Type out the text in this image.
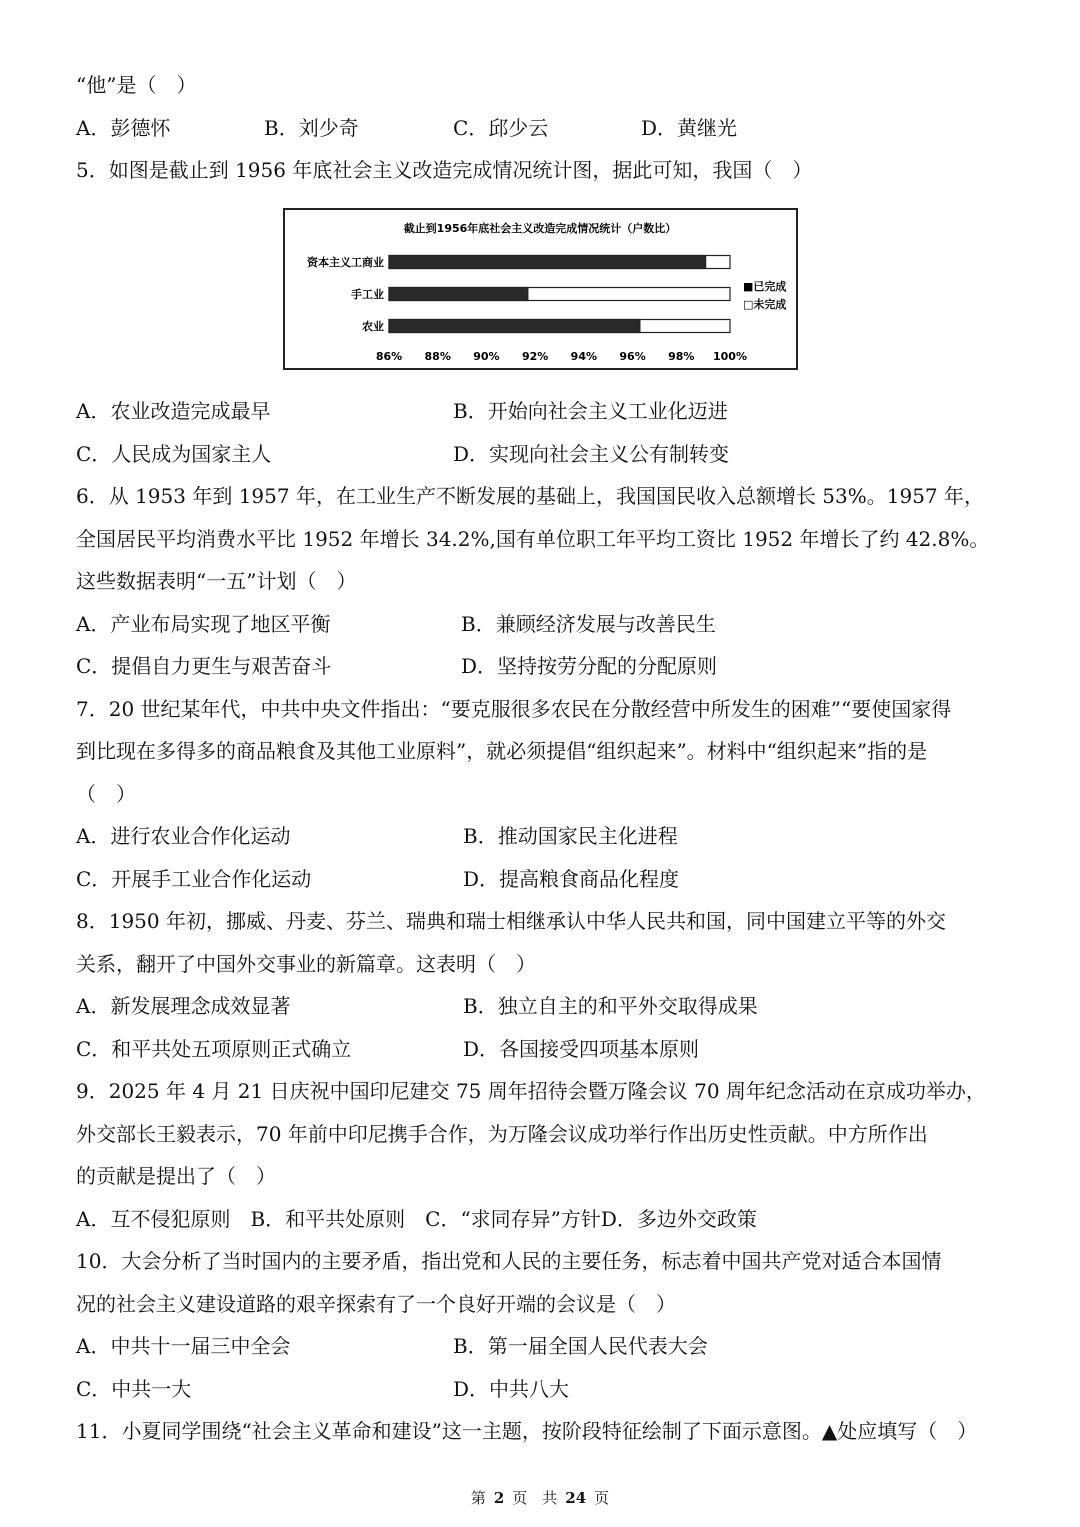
“他”是（　）
A．彭德怀	B．刘少奇	C．邱少云	D．黄继光
5．如图是截止到 1956 年底社会主义改造完成情况统计图，据此可知，我国（　）
截止到1956年底社会主义改造完成情况统计（户数比）
资本主义工商业
手工业
农业
86% 88% 90% 92% 94% 96% 98% 100%
■已完成
□未完成
A．农业改造完成最早	B．开始向社会主义工业化迈进
C．人民成为国家主人	D．实现向社会主义公有制转变
6．从 1953 年到 1957 年，在工业生产不断发展的基础上，我国国民收入总额增长 53%。1957 年，
全国居民平均消费水平比 1952 年增长 34.2%,国有单位职工年平均工资比 1952 年增长了约 42.8%。
这些数据表明“一五”计划（　）
A．产业布局实现了地区平衡	B．兼顾经济发展与改善民生
C．提倡自力更生与艰苦奋斗	D．坚持按劳分配的分配原则
7．20 世纪某年代，中共中央文件指出：“要克服很多农民在分散经营中所发生的困难”“要使国家得
到比现在多得多的商品粮食及其他工业原料”，就必须提倡“组织起来”。材料中“组织起来”指的是
（　）
A．进行农业合作化运动	B．推动国家民主化进程
C．开展手工业合作化运动	D．提高粮食商品化程度
8．1950 年初，挪威、丹麦、芬兰、瑞典和瑞士相继承认中华人民共和国，同中国建立平等的外交
关系，翻开了中国外交事业的新篇章。这表明（　）
A．新发展理念成效显著	B．独立自主的和平外交取得成果
C．和平共处五项原则正式确立	D．各国接受四项基本原则
9．2025 年 4 月 21 日庆祝中国印尼建交 75 周年招待会暨万隆会议 70 周年纪念活动在京成功举办，
外交部长王毅表示，70 年前中印尼携手合作，为万隆会议成功举行作出历史性贡献。中方所作出
的贡献是提出了（　）
A．互不侵犯原则　B．和平共处原则　C．“求同存异”方针D．多边外交政策
10．大会分析了当时国内的主要矛盾，指出党和人民的主要任务，标志着中国共产党对适合本国情
况的社会主义建设道路的艰辛探索有了一个良好开端的会议是（　）
A．中共十一届三中全会	B．第一届全国人民代表大会
C．中共一大	D．中共八大
11．小夏同学围绕“社会主义革命和建设”这一主题，按阶段特征绘制了下面示意图。▲处应填写（　）
第 2 页　共 24 页
